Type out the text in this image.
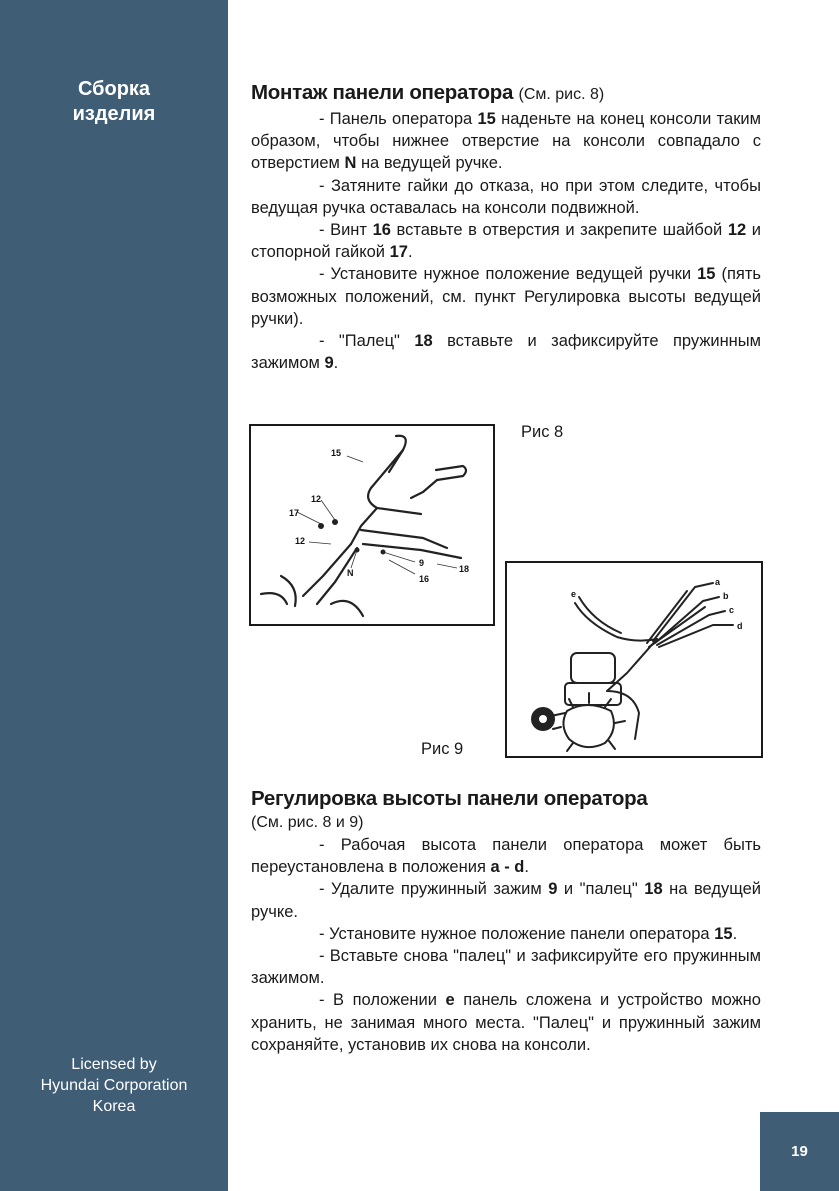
Сборка
изделия
Licensed by
Hyundai Corporation
Korea
19
Монтаж панели оператора (См. рис. 8)

- Панель оператора 15 наденьте на конец консоли таким образом, чтобы нижнее отверстие на консоли совпадало с отверстием N на ведущей ручке.

- Затяните гайки до отказа, но при этом следите, чтобы ведущая ручка оставалась на консоли подвижной.

- Винт 16 вставьте в отверстия и закрепите шайбой 12 и стопорной гайкой 17.

- Установите нужное положение ведущей ручки 15 (пять возможных положений, см. пункт Регулировка высоты ведущей ручки).

- "Палец" 18 вставьте и зафиксируйте пружинным зажимом 9.

15
12
17
12
N
9
18
16
Рис 8
e
a
b
c
d
Рис 9
Регулировка высоты панели оператора
(См. рис. 8 и 9)

- Рабочая высота панели оператора может быть переустановлена в положения a - d.

- Удалите пружинный зажим 9 и "палец" 18 на ведущей ручке.

- Установите нужное положение панели оператора 15.

- Вставьте снова "палец" и зафиксируйте его пружинным зажимом.

- В положении e панель сложена и устройство можно хранить, не занимая много места. "Палец" и пружинный зажим сохраняйте, установив их снова на консоли.
